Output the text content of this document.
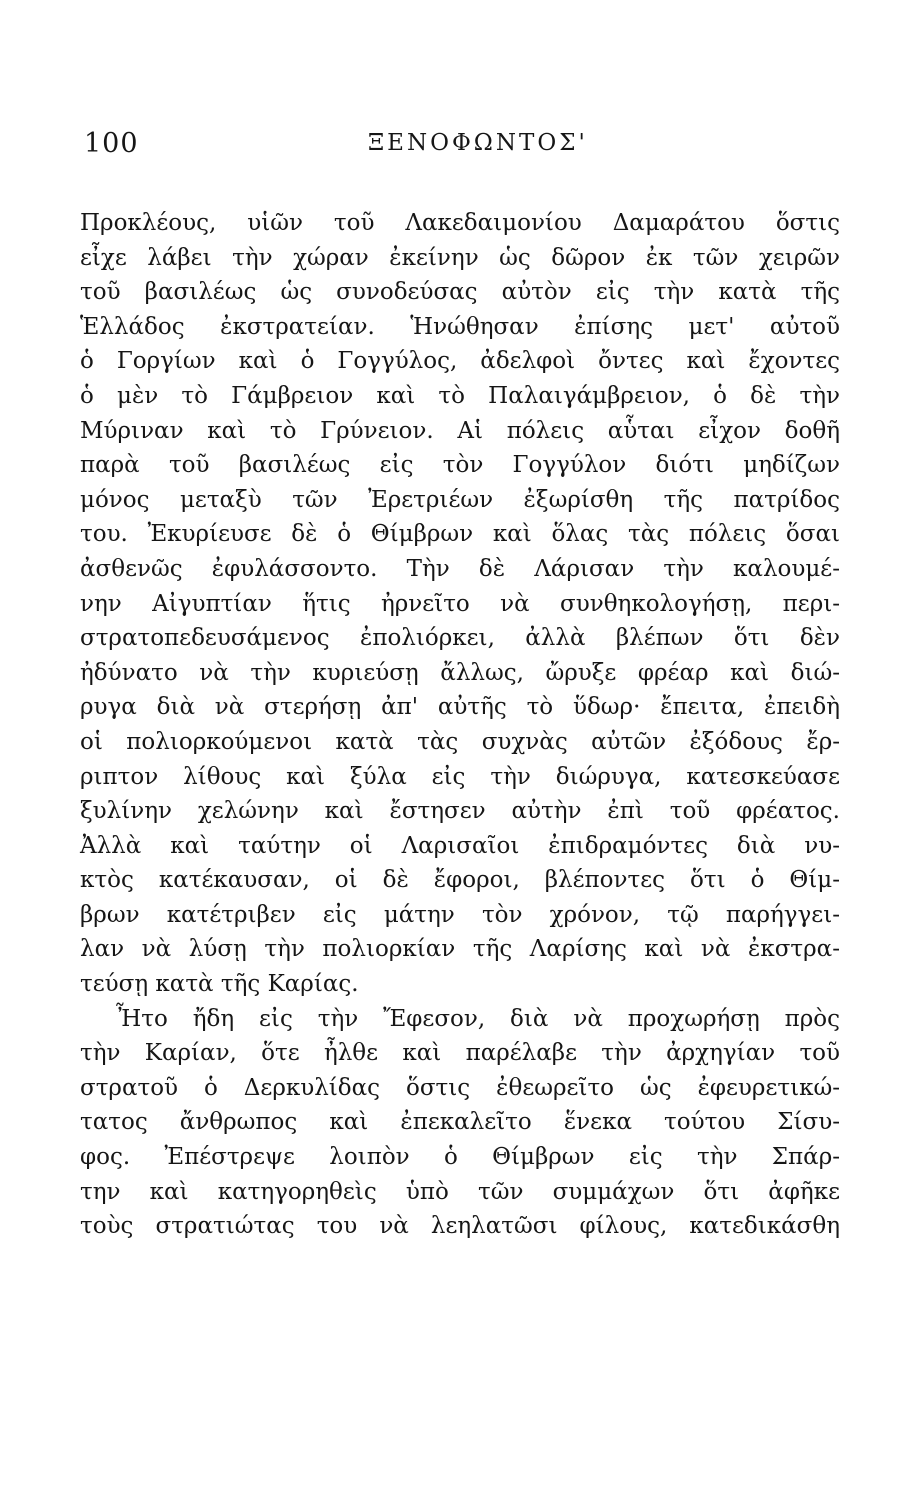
100	ΞΕΝΟΦΩΝΤΟΣ'
Προκλέους, υἱῶν τοῦ Λακεδαιμονίου Δαμαράτου ὅστις
εἶχε λάβει τὴν χώραν ἐκείνην ὡς δῶρον ἐκ τῶν χειρῶν
τοῦ βασιλέως ὡς συνοδεύσας αὐτὸν εἰς τὴν κατὰ τῆς
Ἑλλάδος ἐκστρατείαν. Ἡνώθησαν ἐπίσης μετ' αὐτοῦ
ὁ Γοργίων καὶ ὁ Γογγύλος, ἀδελφοὶ ὄντες καὶ ἔχοντες
ὁ μὲν τὸ Γάμβρειον καὶ τὸ Παλαιγάμβρειον, ὁ δὲ τὴν
Μύριναν καὶ τὸ Γρύνειον. Αἱ πόλεις αὗται εἶχον δοθῆ
παρὰ τοῦ βασιλέως εἰς τὸν Γογγύλον διότι μηδίζων
μόνος μεταξὺ τῶν Ἐρετριέων ἐξωρίσθη τῆς πατρίδος
του. Ἐκυρίευσε δὲ ὁ Θίμβρων καὶ ὅλας τὰς πόλεις ὅσαι
ἀσθενῶς ἐφυλάσσοντο. Τὴν δὲ Λάρισαν τὴν καλουμέ-
νην Αἰγυπτίαν ἥτις ἠρνεῖτο νὰ συνθηκολογήσῃ, περι-
στρατοπεδευσάμενος ἐπολιόρκει, ἀλλὰ βλέπων ὅτι δὲν
ἠδύνατο νὰ τὴν κυριεύσῃ ἄλλως, ὤρυξε φρέαρ καὶ διώ-
ρυγα διὰ νὰ στερήσῃ ἀπ' αὐτῆς τὸ ὕδωρ· ἔπειτα, ἐπειδὴ
οἱ πολιορκούμενοι κατὰ τὰς συχνὰς αὐτῶν ἐξόδους ἔρ-
ριπτον λίθους καὶ ξύλα εἰς τὴν διώρυγα, κατεσκεύασε
ξυλίνην χελώνην καὶ ἔστησεν αὐτὴν ἐπὶ τοῦ φρέατος.
Ἀλλὰ καὶ ταύτην οἱ Λαρισαῖοι ἐπιδραμόντες διὰ νυ-
κτὸς κατέκαυσαν, οἱ δὲ ἔφοροι, βλέποντες ὅτι ὁ Θίμ-
βρων κατέτριβεν εἰς μάτην τὸν χρόνον, τῷ παρήγγει-
λαν νὰ λύσῃ τὴν πολιορκίαν τῆς Λαρίσης καὶ νὰ ἐκστρα-
τεύσῃ κατὰ τῆς Καρίας.
Ἦτο ἤδη εἰς τὴν Ἔφεσον, διὰ νὰ προχωρήσῃ πρὸς
τὴν Καρίαν, ὅτε ἦλθε καὶ παρέλαβε τὴν ἀρχηγίαν τοῦ
στρατοῦ ὁ Δερκυλίδας ὅστις ἐθεωρεῖτο ὡς ἐφευρετικώ-
τατος ἄνθρωπος καὶ ἐπεκαλεῖτο ἕνεκα τούτου Σίσυ-
φος. Ἐπέστρεψε λοιπὸν ὁ Θίμβρων εἰς τὴν Σπάρ-
την καὶ κατηγορηθεὶς ὑπὸ τῶν συμμάχων ὅτι ἀφῆκε
τοὺς στρατιώτας του νὰ λεηλατῶσι φίλους, κατεδικάσθη
